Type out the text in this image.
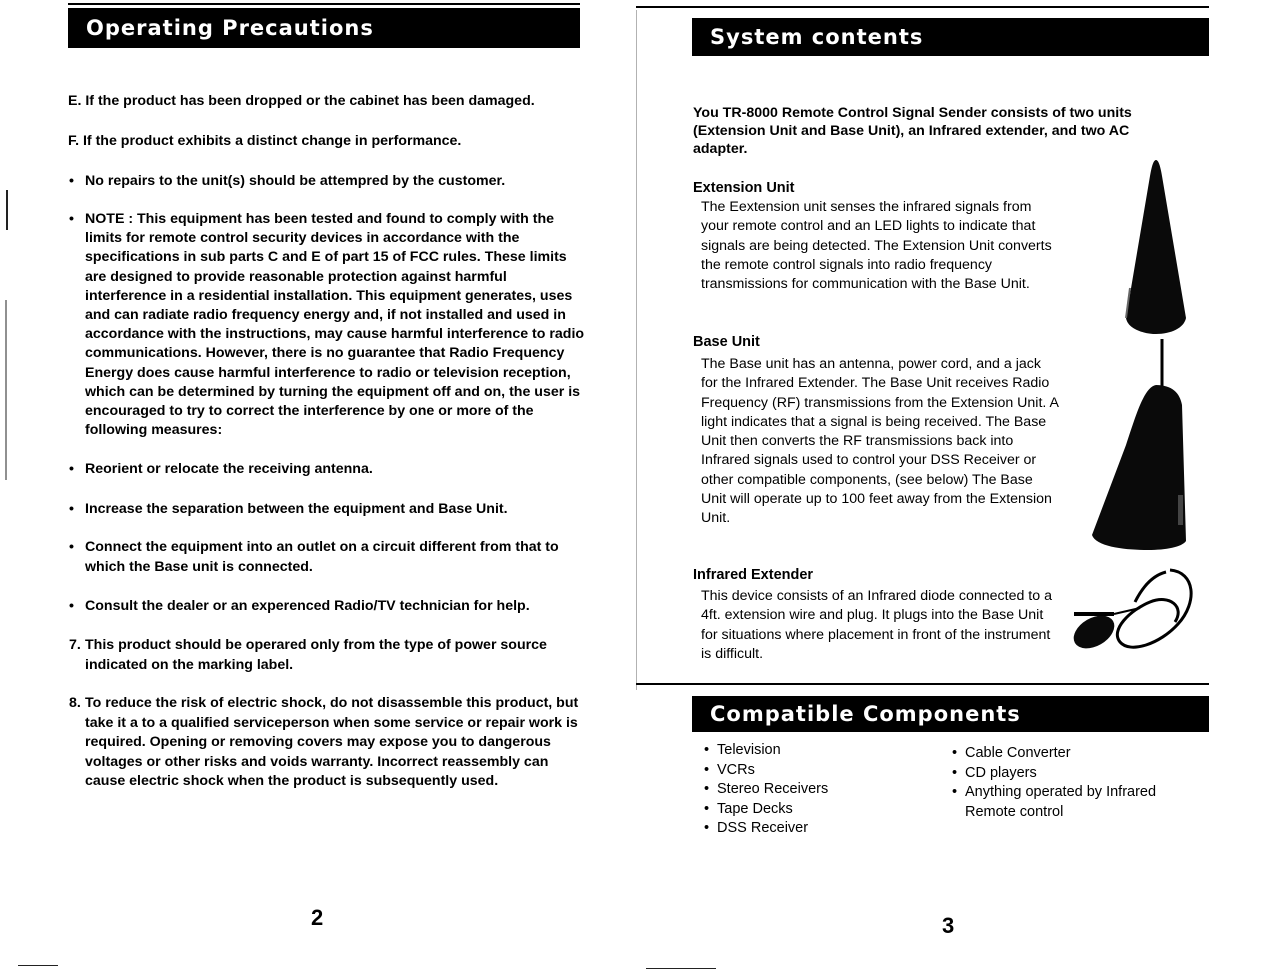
Operating Precautions
E. If the product has been dropped or the cabinet has been damaged.
F. If the product exhibits a distinct change in performance.
• No repairs to the unit(s) should be attempred by the customer.
• NOTE : This equipment has been tested and found to comply with the limits for remote control security devices in accordance with the specifications in sub parts C and E of part 15 of FCC rules. These limits are designed to provide reasonable protection against harmful interference in a residential installation. This equipment generates, uses and can radiate radio frequency energy and, if not installed and used in accordance with the instructions, may cause harmful interference to radio communications. However, there is no guarantee that Radio Frequency Energy does cause harmful interference to radio or television reception, which can be determined by turning the equipment off and on, the user is encouraged to try to correct the interference by one or more of the following measures:
• Reorient or relocate the receiving antenna.
• Increase the separation between the equipment and Base Unit.
• Connect the equipment into an outlet on a circuit different from that to which the Base unit is connected.
• Consult the dealer or an experenced Radio/TV technician for help.
7. This product should be operared only from the type of power source indicated on the marking label.
8. To reduce the risk of electric shock, do not disassemble this product, but take it a to a qualified serviceperson when some service or repair work is required. Opening or removing covers may expose you to dangerous voltages or other risks and voids warranty. Incorrect reassembly can cause electric shock when the product is subsequently used.
2
System contents
You TR-8000 Remote Control Signal Sender consists of two units (Extension Unit and Base Unit), an Infrared extender, and two AC adapter.
Extension Unit
The Eextension unit senses the infrared signals from your remote control and an LED lights to indicate that signals are being detected. The Extension Unit converts the remote control signals into radio frequency transmissions for communication with the Base Unit.
Base Unit
The Base unit has an antenna, power cord, and a jack for the Infrared Extender. The Base Unit receives Radio Frequency (RF) transmissions from the Extension Unit. A light indicates that a signal is being received. The Base Unit then converts the RF transmissions back into Infrared signals used to control your DSS Receiver or other compatible components, (see below) The Base Unit will operate up to 100 feet away from the Extension Unit.
Infrared Extender
This device consists of an Infrared diode connected to a 4ft. extension wire and plug. It plugs into the Base Unit for situations where placement in front of the instrument is difficult.
Compatible Components
• Television
• VCRs
• Stereo Receivers
• Tape Decks
• DSS Receiver
• Cable Converter
• CD players
• Anything operated by Infrared Remote control
3
